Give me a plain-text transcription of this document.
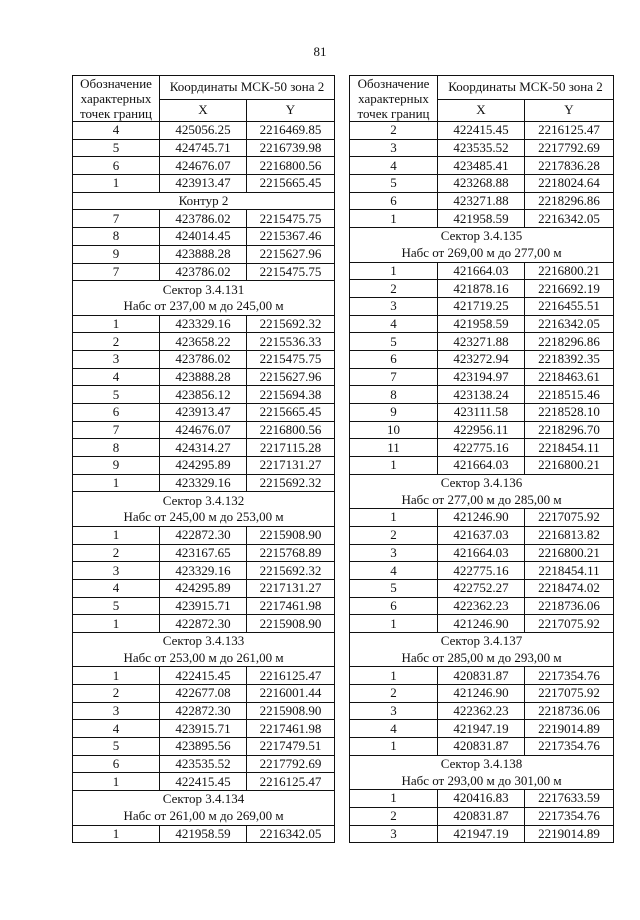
81
Обозначение характерных точек границ	Координаты МСК-50 зона 2	
	X	Y
4	425056.25	2216469.85
5	424745.71	2216739.98
6	424676.07	2216800.56
1	423913.47	2215665.45
Контур 2		
7	423786.02	2215475.75
8	424014.45	2215367.46
9	423888.28	2215627.96
7	423786.02	2215475.75
Сектор 3.4.131		
Набс от 237,00 м до 245,00 м		
1	423329.16	2215692.32
2	423658.22	2215536.33
3	423786.02	2215475.75
4	423888.28	2215627.96
5	423856.12	2215694.38
6	423913.47	2215665.45
7	424676.07	2216800.56
8	424314.27	2217115.28
9	424295.89	2217131.27
1	423329.16	2215692.32
Сектор 3.4.132		
Набс от 245,00 м до 253,00 м		
1	422872.30	2215908.90
2	423167.65	2215768.89
3	423329.16	2215692.32
4	424295.89	2217131.27
5	423915.71	2217461.98
1	422872.30	2215908.90
Сектор 3.4.133		
Набс от 253,00 м до 261,00 м		
1	422415.45	2216125.47
2	422677.08	2216001.44
3	422872.30	2215908.90
4	423915.71	2217461.98
5	423895.56	2217479.51
6	423535.52	2217792.69
1	422415.45	2216125.47
Сектор 3.4.134		
Набс от 261,00 м до 269,00 м		
1	421958.59	2216342.05
Обозначение характерных точек границ	Координаты МСК-50 зона 2	
	X	Y
2	422415.45	2216125.47
3	423535.52	2217792.69
4	423485.41	2217836.28
5	423268.88	2218024.64
6	423271.88	2218296.86
1	421958.59	2216342.05
Сектор 3.4.135		
Набс от 269,00 м до 277,00 м		
1	421664.03	2216800.21
2	421878.16	2216692.19
3	421719.25	2216455.51
4	421958.59	2216342.05
5	423271.88	2218296.86
6	423272.94	2218392.35
7	423194.97	2218463.61
8	423138.24	2218515.46
9	423111.58	2218528.10
10	422956.11	2218296.70
11	422775.16	2218454.11
1	421664.03	2216800.21
Сектор 3.4.136		
Набс от 277,00 м до 285,00 м		
1	421246.90	2217075.92
2	421637.03	2216813.82
3	421664.03	2216800.21
4	422775.16	2218454.11
5	422752.27	2218474.02
6	422362.23	2218736.06
1	421246.90	2217075.92
Сектор 3.4.137		
Набс от 285,00 м до 293,00 м		
1	420831.87	2217354.76
2	421246.90	2217075.92
3	422362.23	2218736.06
4	421947.19	2219014.89
1	420831.87	2217354.76
Сектор 3.4.138		
Набс от 293,00 м до 301,00 м		
1	420416.83	2217633.59
2	420831.87	2217354.76
3	421947.19	2219014.89
